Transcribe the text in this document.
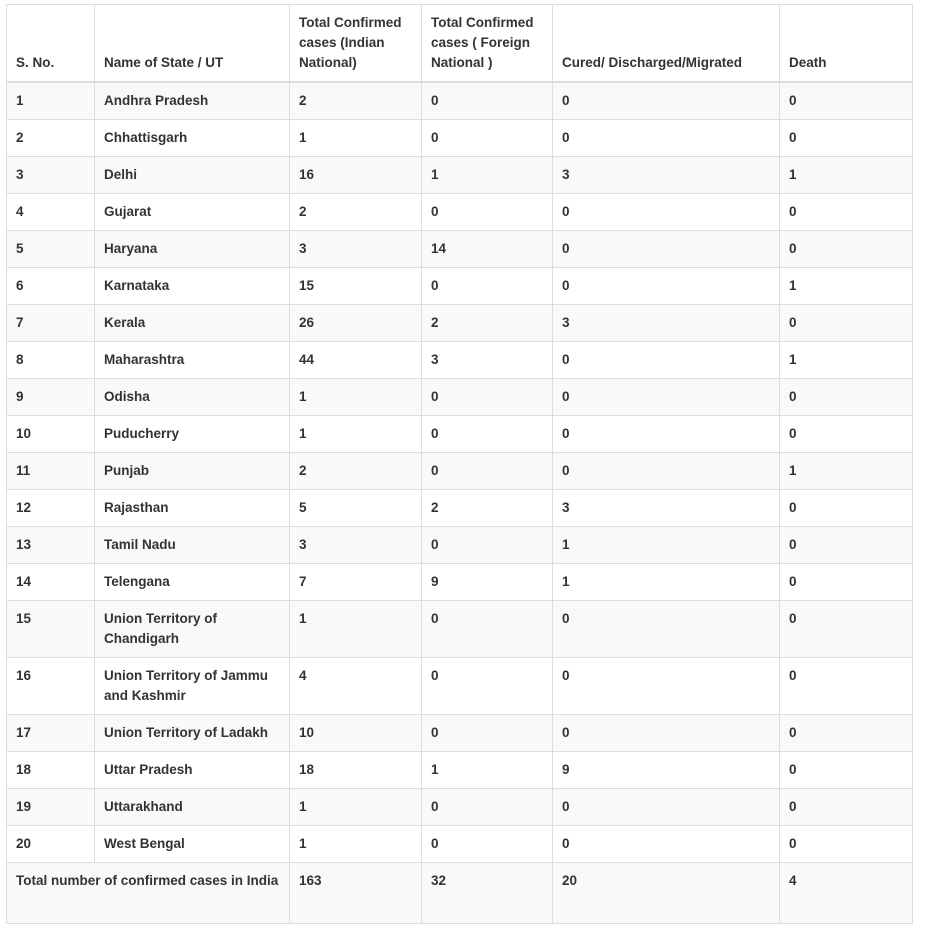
S. No.	Name of State / UT	Total Confirmed cases (Indian National)	Total Confirmed cases ( Foreign National )	Cured/ Discharged/Migrated	Death
1	Andhra Pradesh	2	0	0	0
2	Chhattisgarh	1	0	0	0
3	Delhi	16	1	3	1
4	Gujarat	2	0	0	0
5	Haryana	3	14	0	0
6	Karnataka	15	0	0	1
7	Kerala	26	2	3	0
8	Maharashtra	44	3	0	1
9	Odisha	1	0	0	0
10	Puducherry	1	0	0	0
11	Punjab	2	0	0	1
12	Rajasthan	5	2	3	0
13	Tamil Nadu	3	0	1	0
14	Telengana	7	9	1	0
15	Union Territory of Chandigarh	1	0	0	0
16	Union Territory of Jammu and Kashmir	4	0	0	0
17	Union Territory of Ladakh	10	0	0	0
18	Uttar Pradesh	18	1	9	0
19	Uttarakhand	1	0	0	0
20	West Bengal	1	0	0	0
Total number of confirmed cases in India		163	32	20	4
